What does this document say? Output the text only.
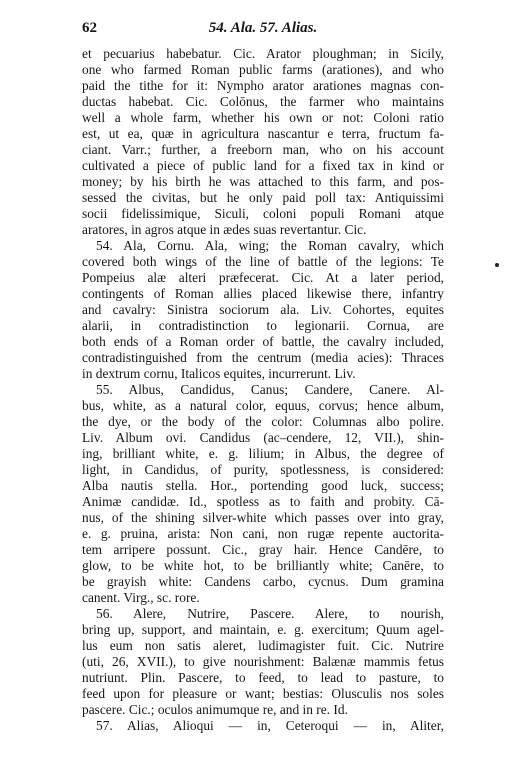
62	54. Ala. 57. Alias.
et pecuarius habebatur. Cic. Arator ploughman; in Sicily,
one who farmed Roman public farms (arationes), and who
paid the tithe for it: Nympho arator arationes magnas con-
ductas habebat. Cic. Colōnus, the farmer who maintains
well a whole farm, whether his own or not: Coloni ratio
est, ut ea, quæ in agricultura nascantur e terra, fructum fa-
ciant. Varr.; further, a freeborn man, who on his account
cultivated a piece of public land for a fixed tax in kind or
money; by his birth he was attached to this farm, and pos-
sessed the civitas, but he only paid poll tax: Antiquissimi
socii fidelissimique, Siculi, coloni populi Romani atque
aratores, in agros atque in ædes suas revertantur. Cic.
54. Ala, Cornu. Ala, wing; the Roman cavalry, which
covered both wings of the line of battle of the legions: Te
Pompeius alæ alteri præfecerat. Cic. At a later period,
contingents of Roman allies placed likewise there, infantry
and cavalry: Sinistra sociorum ala. Liv. Cohortes, equites
alarii, in contradistinction to legionarii. Cornua, are
both ends of a Roman order of battle, the cavalry included,
contradistinguished from the centrum (media acies): Thraces
in dextrum cornu, Italicos equites, incurrerunt. Liv.
55. Albus, Candidus, Canus; Candere, Canere. Al-
bus, white, as a natural color, equus, corvus; hence album,
the dye, or the body of the color: Columnas albo polire.
Liv. Album ovi. Candidus (ac–cendere, 12, VII.), shin-
ing, brilliant white, e. g. lilium; in Albus, the degree of
light, in Candidus, of purity, spotlessness, is considered:
Alba nautis stella. Hor., portending good luck, success;
Animæ candidæ. Id., spotless as to faith and probity. Cā-
nus, of the shining silver-white which passes over into gray,
e. g. pruina, arista: Non cani, non rugæ repente auctorita-
tem arripere possunt. Cic., gray hair. Hence Candēre, to
glow, to be white hot, to be brilliantly white; Canēre, to
be grayish white: Candens carbo, cycnus. Dum gramina
canent. Virg., sc. rore.
56. Alere, Nutrire, Pascere. Alere, to nourish,
bring up, support, and maintain, e. g. exercitum; Quum agel-
lus eum non satis aleret, ludimagister fuit. Cic. Nutrire
(uti, 26, XVII.), to give nourishment: Balænæ mammis fetus
nutriunt. Plin. Pascere, to feed, to lead to pasture, to
feed upon for pleasure or want; bestias: Olusculis nos soles
pascere. Cic.; oculos animumque re, and in re. Id.
57. Alias, Alioqui — in, Ceteroqui — in, Aliter,
